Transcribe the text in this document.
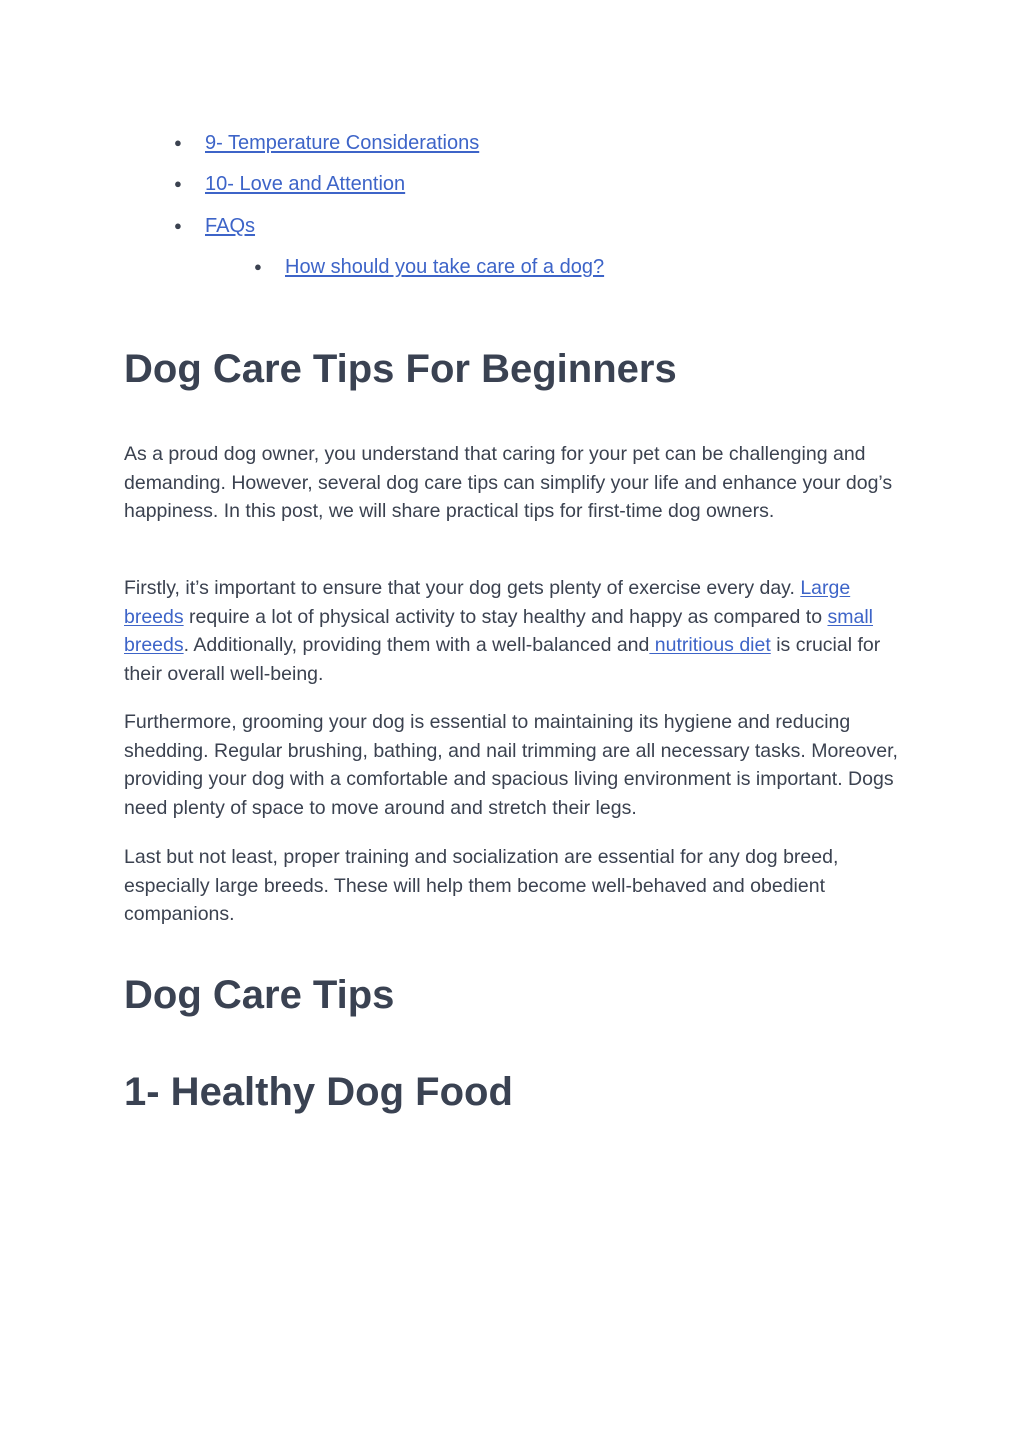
● 9- Temperature Considerations
● 10- Love and Attention
● FAQs
● How should you take care of a dog?
Dog Care Tips For Beginners

As a proud dog owner, you understand that caring for your pet can be challenging and demanding. However, several dog care tips can simplify your life and enhance your dog’s happiness. In this post, we will share practical tips for first-time dog owners.

Firstly, it’s important to ensure that your dog gets plenty of exercise every day. Large breeds require a lot of physical activity to stay healthy and happy as compared to small breeds. Additionally, providing them with a well-balanced and nutritious diet is crucial for their overall well-being.

Furthermore, grooming your dog is essential to maintaining its hygiene and reducing shedding. Regular brushing, bathing, and nail trimming are all necessary tasks. Moreover, providing your dog with a comfortable and spacious living environment is important. Dogs need plenty of space to move around and stretch their legs.

Last but not least, proper training and socialization are essential for any dog breed, especially large breeds. These will help them become well-behaved and obedient companions.

Dog Care Tips
1- Healthy Dog Food
